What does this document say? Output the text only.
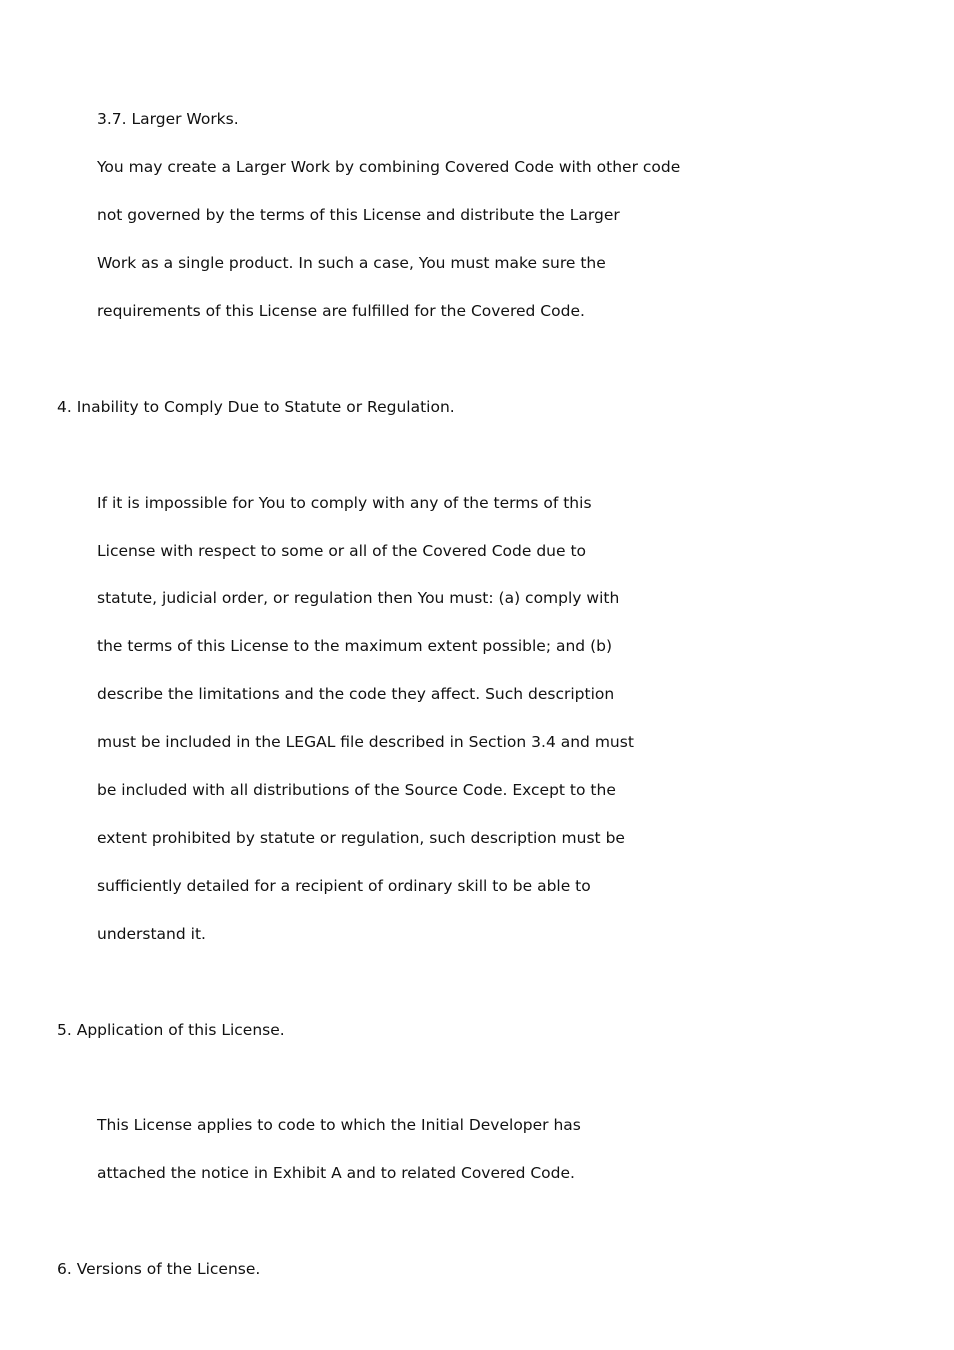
3.7. Larger Works.

You may create a Larger Work by combining Covered Code with other code

not governed by the terms of this License and distribute the Larger

Work as a single product. In such a case, You must make sure the

requirements of this License are fulfilled for the Covered Code.

4. Inability to Comply Due to Statute or Regulation.

If it is impossible for You to comply with any of the terms of this

License with respect to some or all of the Covered Code due to

statute, judicial order, or regulation then You must: (a) comply with

the terms of this License to the maximum extent possible; and (b)

describe the limitations and the code they affect. Such description

must be included in the LEGAL file described in Section 3.4 and must

be included with all distributions of the Source Code. Except to the

extent prohibited by statute or regulation, such description must be

sufficiently detailed for a recipient of ordinary skill to be able to

understand it.

5. Application of this License.

This License applies to code to which the Initial Developer has

attached the notice in Exhibit A and to related Covered Code.

6. Versions of the License.
